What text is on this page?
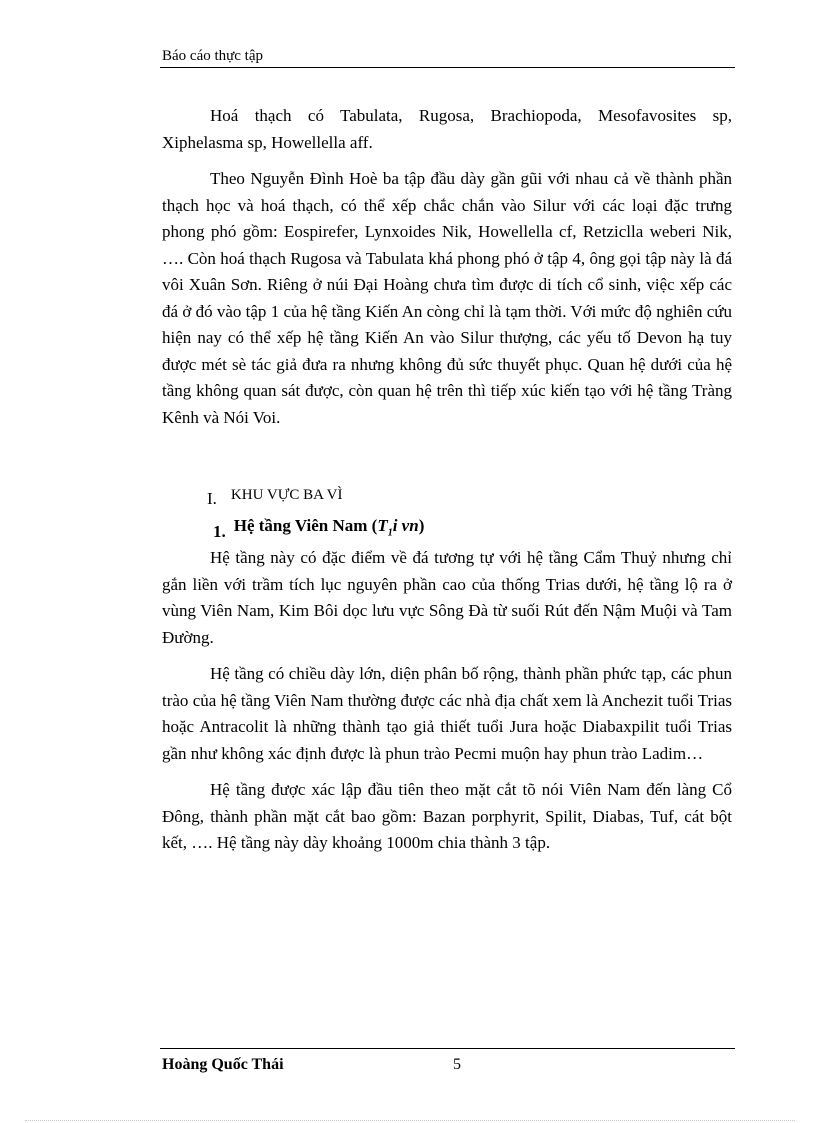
Báo cáo thực tập

Hoá thạch có Tabulata, Rugosa, Brachiopoda, Mesofavosites sp, Xiphelasma sp, Howellella aff.

Theo Nguyễn Đình Hoè ba tập đầu dày gần gũi với nhau cả về thành phần thạch học và hoá thạch, có thể xếp chắc chắn vào Silur với các loại đặc trưng phong phó gồm: Eospirefer, Lynxoides Nik, Howellella cf, Retziclla weberi Nik, …. Còn hoá thạch Rugosa và Tabulata khá phong phó ở tập 4, ông gọi tập này là đá vôi Xuân Sơn. Riêng ở núi Đại Hoàng chưa tìm được di tích cổ sinh, việc xếp các đá ở đó vào tập 1 của hệ tầng Kiến An còng chỉ là tạm thời. Với mức độ nghiên cứu hiện nay có thể xếp hệ tầng Kiến An vào Silur thượng, các yếu tố Devon hạ tuy được mét sè tác giả đưa ra nhưng không đủ sức thuyết phục. Quan hệ dưới của hệ tầng không quan sát được, còn quan hệ trên thì tiếp xúc kiến tạo với hệ tầng Tràng Kênh và Nói Voi.

I. KHU VỰC BA VÌ
1. Hệ tầng Viên Nam ($T_1i$ vn)

Hệ tầng này có đặc điểm về đá tương tự với hệ tầng Cẩm Thuỷ nhưng chỉ gắn liền với trầm tích lục nguyên phần cao của thống Trias dưới, hệ tầng lộ ra ở vùng Viên Nam, Kim Bôi dọc lưu vực Sông Đà từ suối Rút đến Nậm Muội và Tam Đường.

Hệ tầng có chiều dày lớn, diện phân bố rộng, thành phần phức tạp, các phun trào của hệ tầng Viên Nam thường được các nhà địa chất xem là Anchezit tuổi Trias hoặc Antracolit là những thành tạo giả thiết tuổi Jura hoặc Diabaxpilit tuổi Trias gần như không xác định được là phun trào Pecmi muộn hay phun trào Ladim…

Hệ tầng được xác lập đầu tiên theo mặt cắt tõ nói Viên Nam đến làng Cổ Đông, thành phần mặt cắt bao gồm: Bazan porphyrit, Spilit, Diabas, Tuf, cát bột kết, …. Hệ tầng này dày khoảng 1000m chia thành 3 tập.

Hoàng Quốc Thái	5
